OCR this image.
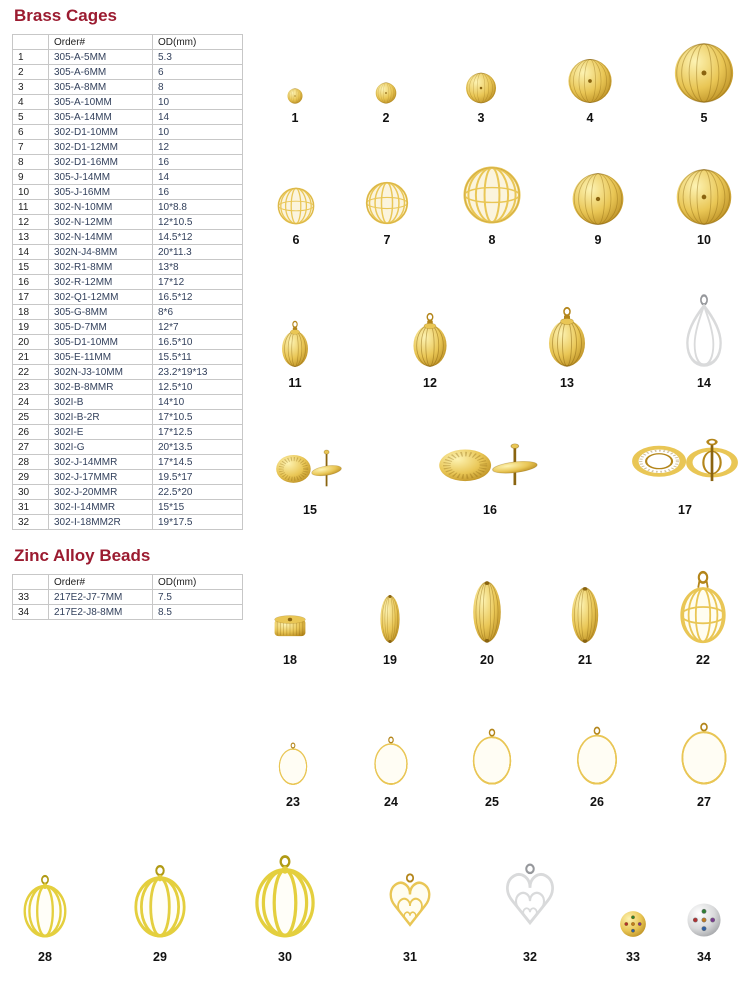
Brass Cages
	Order#	OD(mm)
1	305-A-5MM	5.3
2	305-A-6MM	6
3	305-A-8MM	8
4	305-A-10MM	10
5	305-A-14MM	14
6	302-D1-10MM	10
7	302-D1-12MM	12
8	302-D1-16MM	16
9	305-J-14MM	14
10	305-J-16MM	16
11	302-N-10MM	10*8.8
12	302-N-12MM	12*10.5
13	302-N-14MM	14.5*12
14	302N-J4-8MM	20*11.3
15	302-R1-8MM	13*8
16	302-R-12MM	17*12
17	302-Q1-12MM	16.5*12
18	305-G-8MM	8*6
19	305-D-7MM	12*7
20	305-D1-10MM	16.5*10
21	305-E-11MM	15.5*11
22	302N-J3-10MM	23.2*19*13
23	302-B-8MMR	12.5*10
24	302I-B	14*10
25	302I-B-2R	17*10.5
26	302I-E	17*12.5
27	302I-G	20*13.5
28	302-J-14MMR	17*14.5
29	302-J-17MMR	19.5*17
30	302-J-20MMR	22.5*20
31	302-I-14MMR	15*15
32	302-I-18MM2R	19*17.5
Zinc Alloy Beads
	Order#	OD(mm)
33	217E2-J7-7MM	7.5
34	217E2-J8-8MM	8.5
1	2	3	4	5
6	7	8	9	10
11	12	13	14
15	16	17
18	19	20	21	22
23	24	25	26	27
28	29	30	31	32	33	34
